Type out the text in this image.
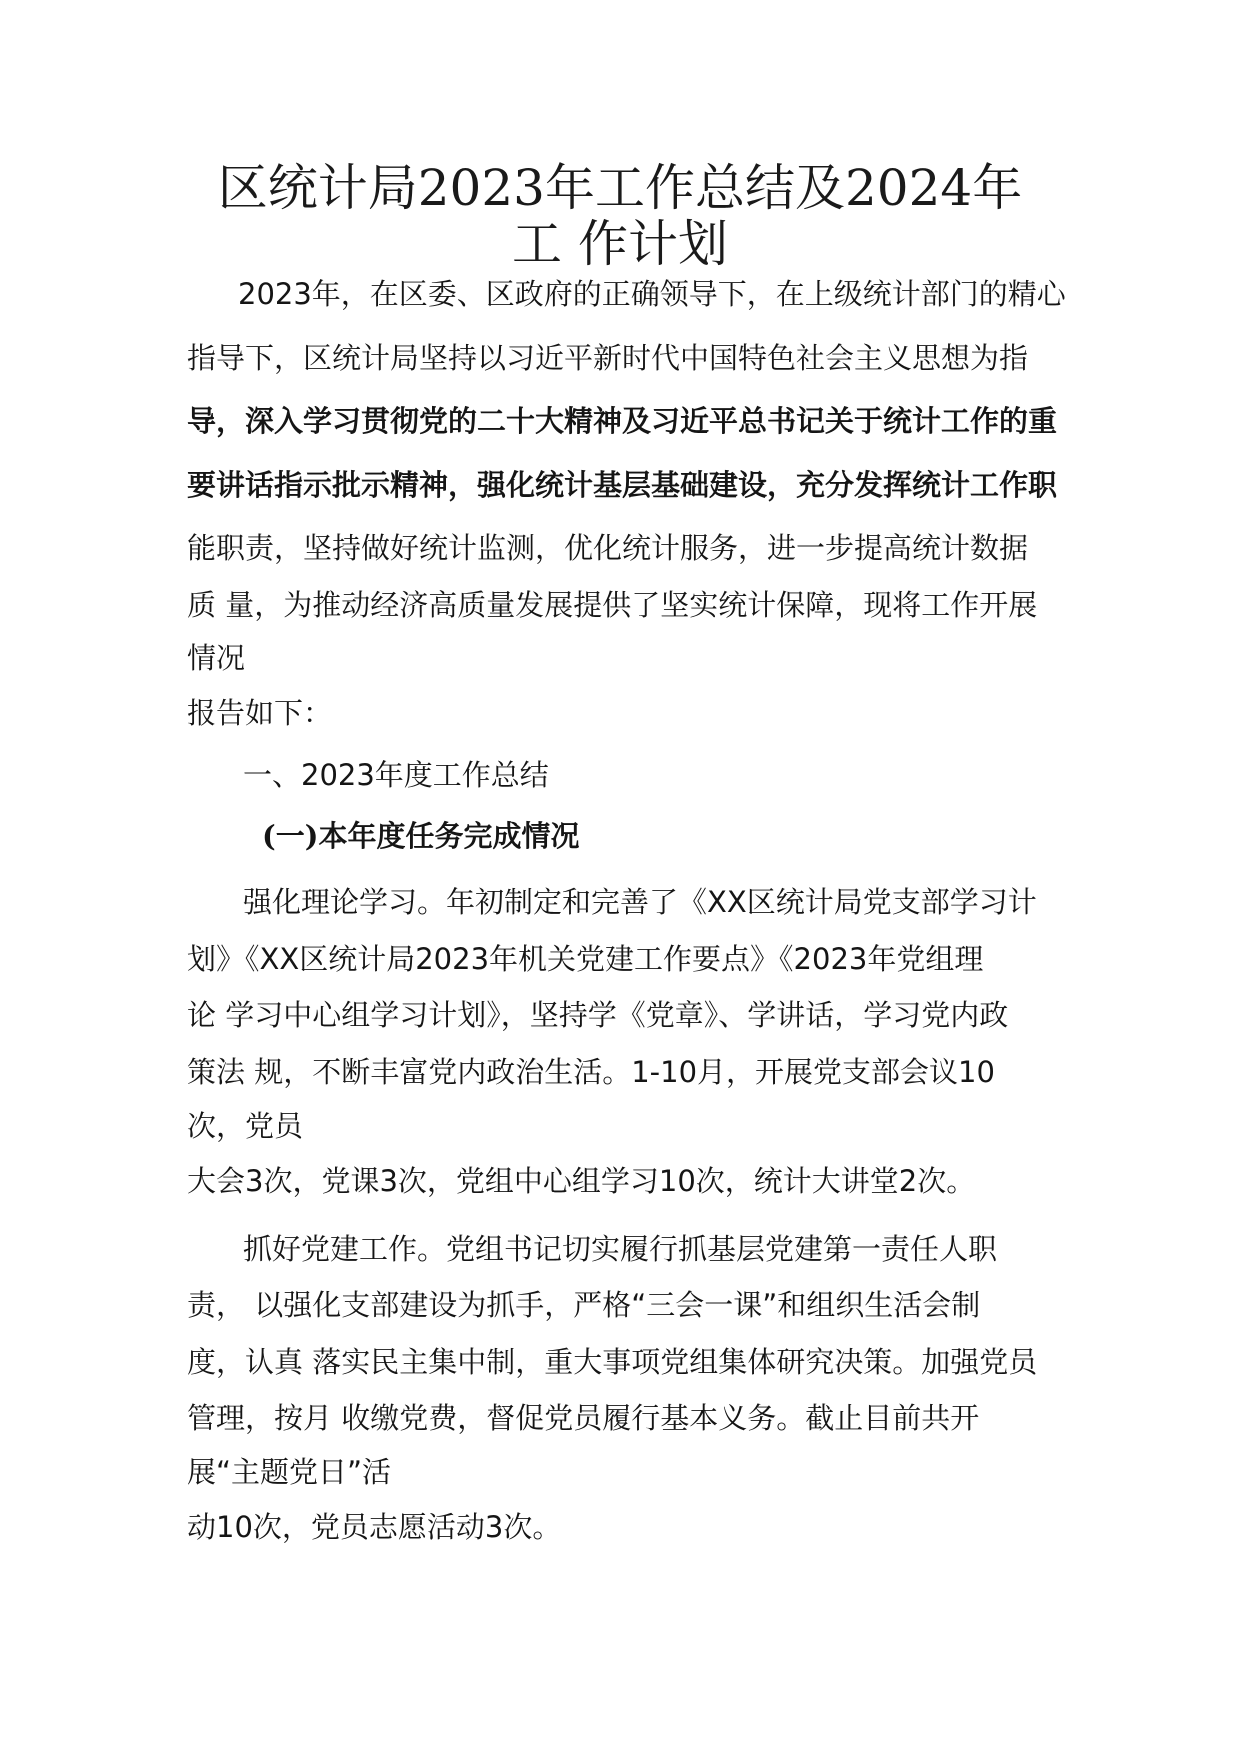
区统计局2023年工作总结及2024年
工 作计划
2023年，在区委、区政府的正确领导下，在上级统计部门的精心
指导下，区统计局坚持以习近平新时代中国特色社会主义思想为指
导，深入学习贯彻党的二十大精神及习近平总书记关于统计工作的重
要讲话指示批示精神，强化统计基层基础建设，充分发挥统计工作职
能职责，坚持做好统计监测，优化统计服务，进一步提高统计数据
质 量，为推动经济高质量发展提供了坚实统计保障，现将工作开展
情况
报告如下：
一、2023年度工作总结
(一)本年度任务完成情况
强化理论学习。年初制定和完善了《XX区统计局党支部学习计
划》《XX区统计局2023年机关党建工作要点》《2023年党组理
论 学习中心组学习计划》，坚持学《党章》、学讲话，学习党内政
策法 规，不断丰富党内政治生活。1-10月，开展党支部会议10
次，党员
大会3次，党课3次，党组中心组学习10次，统计大讲堂2次。
抓好党建工作。党组书记切实履行抓基层党建第一责任人职
责， 以强化支部建设为抓手，严格“三会一课”和组织生活会制
度，认真 落实民主集中制，重大事项党组集体研究决策。加强党员
管理，按月 收缴党费，督促党员履行基本义务。截止目前共开
展“主题党日”活
动10次，党员志愿活动3次。
